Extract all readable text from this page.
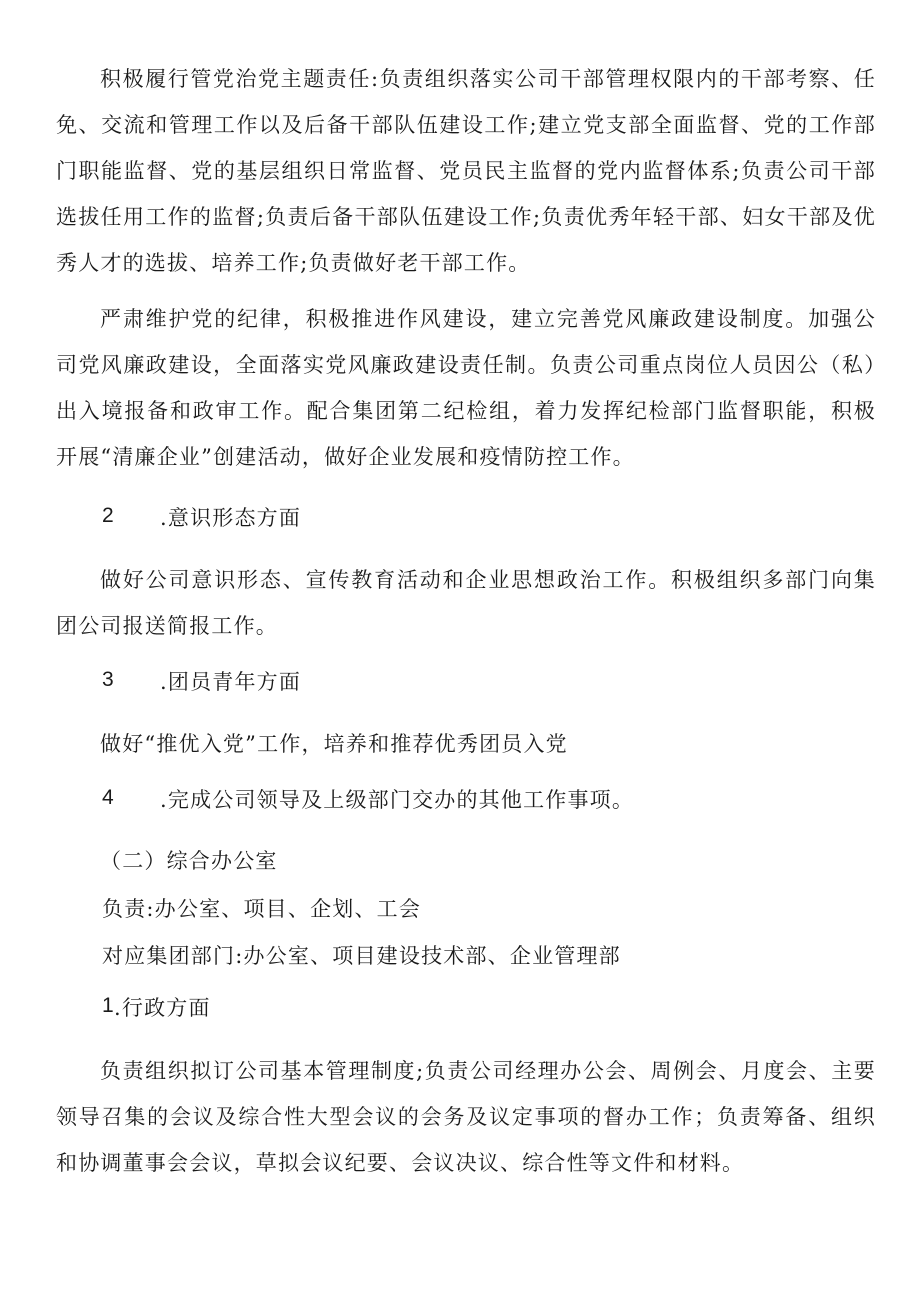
积极履行管党治党主题责任:负责组织落实公司干部管理权限内的干部考察、任免、交流和管理工作以及后备干部队伍建设工作;建立党支部全面监督、党的工作部门职能监督、党的基层组织日常监督、党员民主监督的党内监督体系;负责公司干部选拔任用工作的监督;负责后备干部队伍建设工作;负责优秀年轻干部、妇女干部及优秀人才的选拔、培养工作;负责做好老干部工作。

严肃维护党的纪律，积极推进作风建设，建立完善党风廉政建设制度。加强公司党风廉政建设，全面落实党风廉政建设责任制。负责公司重点岗位人员因公（私）出入境报备和政审工作。配合集团第二纪检组，着力发挥纪检部门监督职能，积极开展“清廉企业”创建活动，做好企业发展和疫情防控工作。

2 .意识形态方面

做好公司意识形态、宣传教育活动和企业思想政治工作。积极组织多部门向集团公司报送简报工作。

3 .团员青年方面

做好“推优入党”工作，培养和推荐优秀团员入党

4 .完成公司领导及上级部门交办的其他工作事项。

（二）综合办公室

负责:办公室、项目、企划、工会

对应集团部门:办公室、项目建设技术部、企业管理部

1 .行政方面

负责组织拟订公司基本管理制度;负责公司经理办公会、周例会、月度会、主要领导召集的会议及综合性大型会议的会务及议定事项的督办工作；负责筹备、组织和协调董事会会议，草拟会议纪要、会议决议、综合性等文件和材料。
